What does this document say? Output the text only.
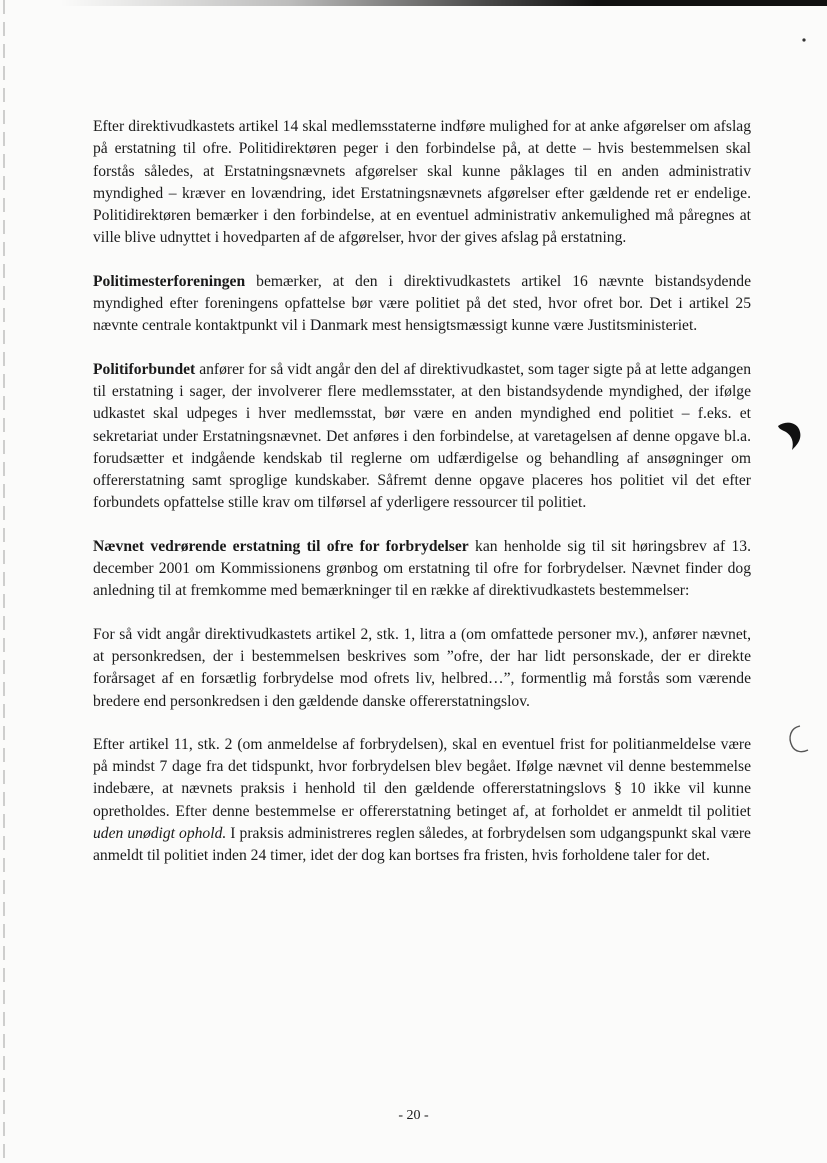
Efter direktivudkastets artikel 14 skal medlemsstaterne indføre mulighed for at anke afgørelser om afslag på erstatning til ofre. Politidirektøren peger i den forbindelse på, at dette – hvis bestemmelsen skal forstås således, at Erstatningsnævnets afgørelser skal kunne påklages til en anden administrativ myndighed – kræver en lovændring, idet Erstatningsnævnets afgørelser efter gældende ret er endelige. Politidirektøren bemærker i den forbindelse, at en eventuel administrativ ankemulighed må påregnes at ville blive udnyttet i hovedparten af de afgørelser, hvor der gives afslag på erstatning.

Politimesterforeningen bemærker, at den i direktivudkastets artikel 16 nævnte bistandsydende myndighed efter foreningens opfattelse bør være politiet på det sted, hvor ofret bor. Det i artikel 25 nævnte centrale kontaktpunkt vil i Danmark mest hensigtsmæssigt kunne være Justitsministeriet.

Politiforbundet anfører for så vidt angår den del af direktivudkastet, som tager sigte på at lette adgangen til erstatning i sager, der involverer flere medlemsstater, at den bistandsydende myndighed, der ifølge udkastet skal udpeges i hver medlemsstat, bør være en anden myndighed end politiet – f.eks. et sekretariat under Erstatningsnævnet. Det anføres i den forbindelse, at varetagelsen af denne opgave bl.a. forudsætter et indgående kendskab til reglerne om udfærdigelse og behandling af ansøgninger om offererstatning samt sproglige kundskaber. Såfremt denne opgave placeres hos politiet vil det efter forbundets opfattelse stille krav om tilførsel af yderligere ressourcer til politiet.

Nævnet vedrørende erstatning til ofre for forbrydelser kan henholde sig til sit høringsbrev af 13. december 2001 om Kommissionens grønbog om erstatning til ofre for forbrydelser. Nævnet finder dog anledning til at fremkomme med bemærkninger til en række af direktivudkastets bestemmelser:

For så vidt angår direktivudkastets artikel 2, stk. 1, litra a (om omfattede personer mv.), anfører nævnet, at personkredsen, der i bestemmelsen beskrives som ”ofre, der har lidt personskade, der er direkte forårsaget af en forsætlig forbrydelse mod ofrets liv, helbred…”, formentlig må forstås som værende bredere end personkredsen i den gældende danske offererstatningslov.

Efter artikel 11, stk. 2 (om anmeldelse af forbrydelsen), skal en eventuel frist for politianmeldelse være på mindst 7 dage fra det tidspunkt, hvor forbrydelsen blev begået. Ifølge nævnet vil denne bestemmelse indebære, at nævnets praksis i henhold til den gældende offererstatningslovs § 10 ikke vil kunne opretholdes. Efter denne bestemmelse er offererstatning betinget af, at forholdet er anmeldt til politiet uden unødigt ophold. I praksis administreres reglen således, at forbrydelsen som udgangspunkt skal være anmeldt til politiet inden 24 timer, idet der dog kan bortses fra fristen, hvis forholdene taler for det.

- 20 -
